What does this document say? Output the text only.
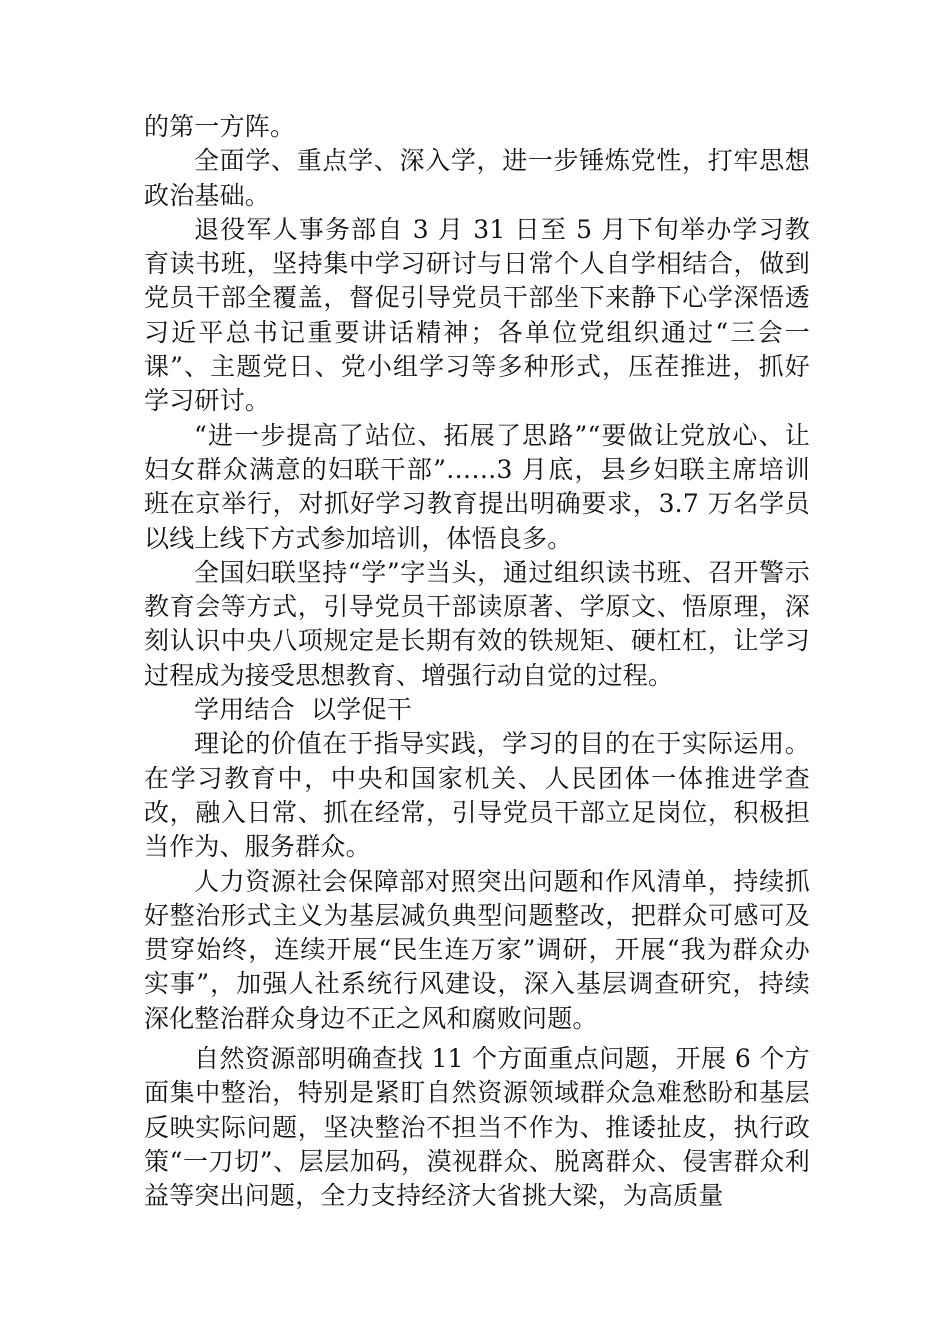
的第一方阵。

全面学、重点学、深入学，进一步锤炼党性，打牢思想政治基础。

退役军人事务部自 3 月 31 日至 5 月下旬举办学习教育读书班，坚持集中学习研讨与日常个人自学相结合，做到党员干部全覆盖，督促引导党员干部坐下来静下心学深悟透习近平总书记重要讲话精神；各单位党组织通过“三会一课”、主题党日、党小组学习等多种形式，压茬推进，抓好学习研讨。

“进一步提高了站位、拓展了思路”“要做让党放心、让妇女群众满意的妇联干部”……3 月底，县乡妇联主席培训班在京举行，对抓好学习教育提出明确要求，3.7 万名学员以线上线下方式参加培训，体悟良多。

全国妇联坚持“学”字当头，通过组织读书班、召开警示教育会等方式，引导党员干部读原著、学原文、悟原理，深刻认识中央八项规定是长期有效的铁规矩、硬杠杠，让学习过程成为接受思想教育、增强行动自觉的过程。

学用结合  以学促干

理论的价值在于指导实践，学习的目的在于实际运用。在学习教育中，中央和国家机关、人民团体一体推进学查改，融入日常、抓在经常，引导党员干部立足岗位，积极担当作为、服务群众。

人力资源社会保障部对照突出问题和作风清单，持续抓好整治形式主义为基层减负典型问题整改，把群众可感可及贯穿始终，连续开展“民生连万家”调研，开展“我为群众办实事”，加强人社系统行风建设，深入基层调查研究，持续深化整治群众身边不正之风和腐败问题。

自然资源部明确查找 11 个方面重点问题，开展 6 个方面集中整治，特别是紧盯自然资源领域群众急难愁盼和基层反映实际问题，坚决整治不担当不作为、推诿扯皮，执行政策“一刀切”、层层加码，漠视群众、脱离群众、侵害群众利益等突出问题，全力支持经济大省挑大梁，为高质量
